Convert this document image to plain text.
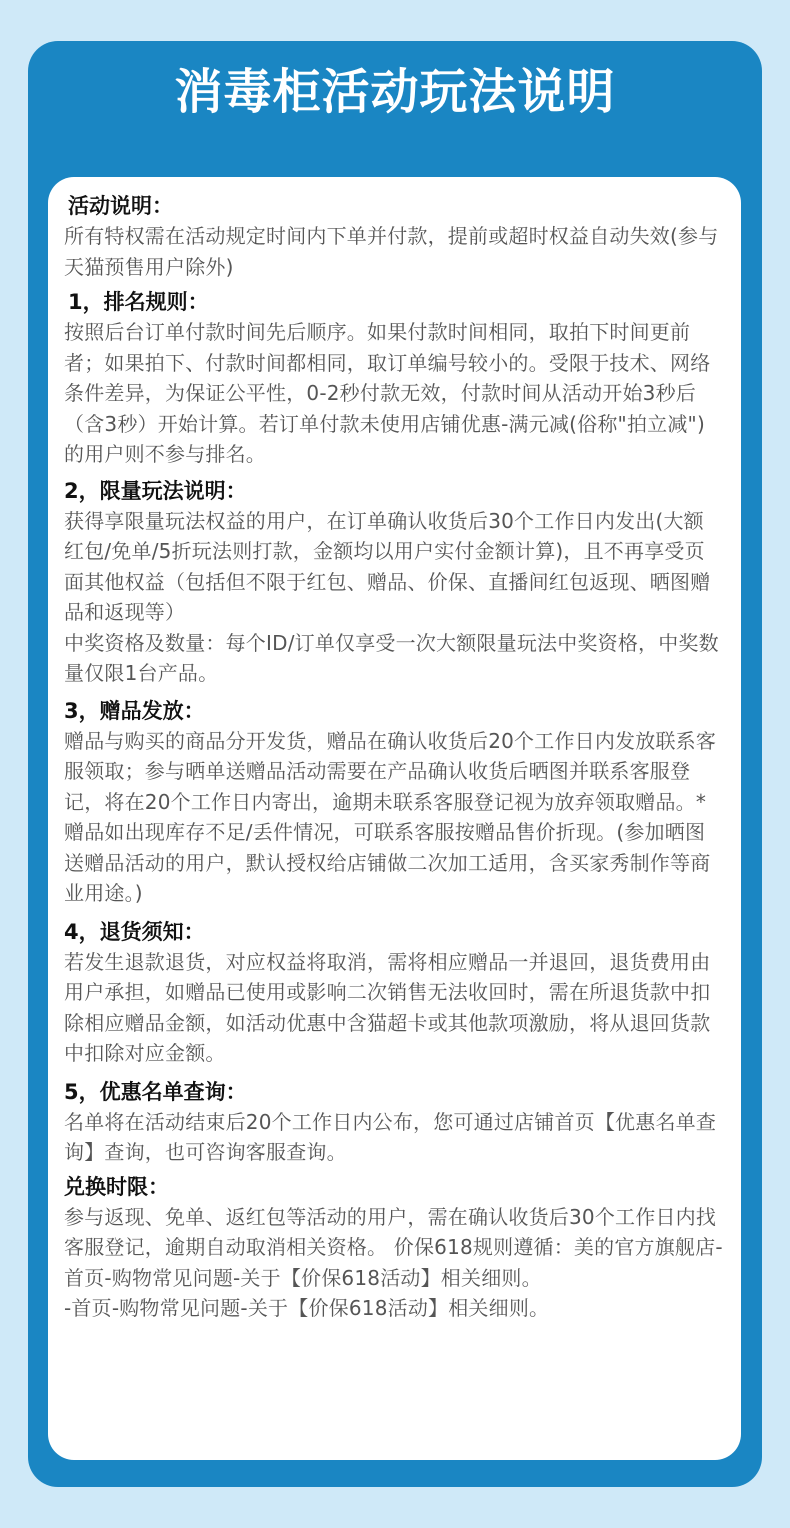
消毒柜活动玩法说明

活动说明：

所有特权需在活动规定时间内下单并付款，提前或超时权益自动失效(参与天猫预售用户除外)

1，排名规则：

按照后台订单付款时间先后顺序。如果付款时间相同，取拍下时间更前者；如果拍下、付款时间都相同，取订单编号较小的。受限于技术、网络条件差异，为保证公平性，0-2秒付款无效，付款时间从活动开始3秒后（含3秒）开始计算。若订单付款未使用店铺优惠-满元减(俗称"拍立减")的用户则不参与排名。

2，限量玩法说明：

获得享限量玩法权益的用户，在订单确认收货后30个工作日内发出(大额红包/免单/5折玩法则打款，金额均以用户实付金额计算)，且不再享受页面其他权益（包括但不限于红包、赠品、价保、直播间红包返现、晒图赠品和返现等）

中奖资格及数量：每个ID/订单仅享受一次大额限量玩法中奖资格，中奖数量仅限1台产品。

3，赠品发放：

赠品与购买的商品分开发货，赠品在确认收货后20个工作日内发放联系客服领取；参与晒单送赠品活动需要在产品确认收货后晒图并联系客服登记，将在20个工作日内寄出，逾期未联系客服登记视为放弃领取赠品。*赠品如出现库存不足/丢件情况，可联系客服按赠品售价折现。(参加晒图送赠品活动的用户，默认授权给店铺做二次加工适用，含买家秀制作等商业用途。)

4，退货须知：

若发生退款退货，对应权益将取消，需将相应赠品一并退回，退货费用由用户承担，如赠品已使用或影响二次销售无法收回时，需在所退货款中扣除相应赠品金额，如活动优惠中含猫超卡或其他款项激励，将从退回货款中扣除对应金额。

5，优惠名单查询：

名单将在活动结束后20个工作日内公布，您可通过店铺首页【优惠名单查询】查询，也可咨询客服查询。

兑换时限：

参与返现、免单、返红包等活动的用户，需在确认收货后30个工作日内找客服登记，逾期自动取消相关资格。 价保618规则遵循：美的官方旗舰店-首页-购物常见问题-关于【价保618活动】相关细则。

-首页-购物常见问题-关于【价保618活动】相关细则。
